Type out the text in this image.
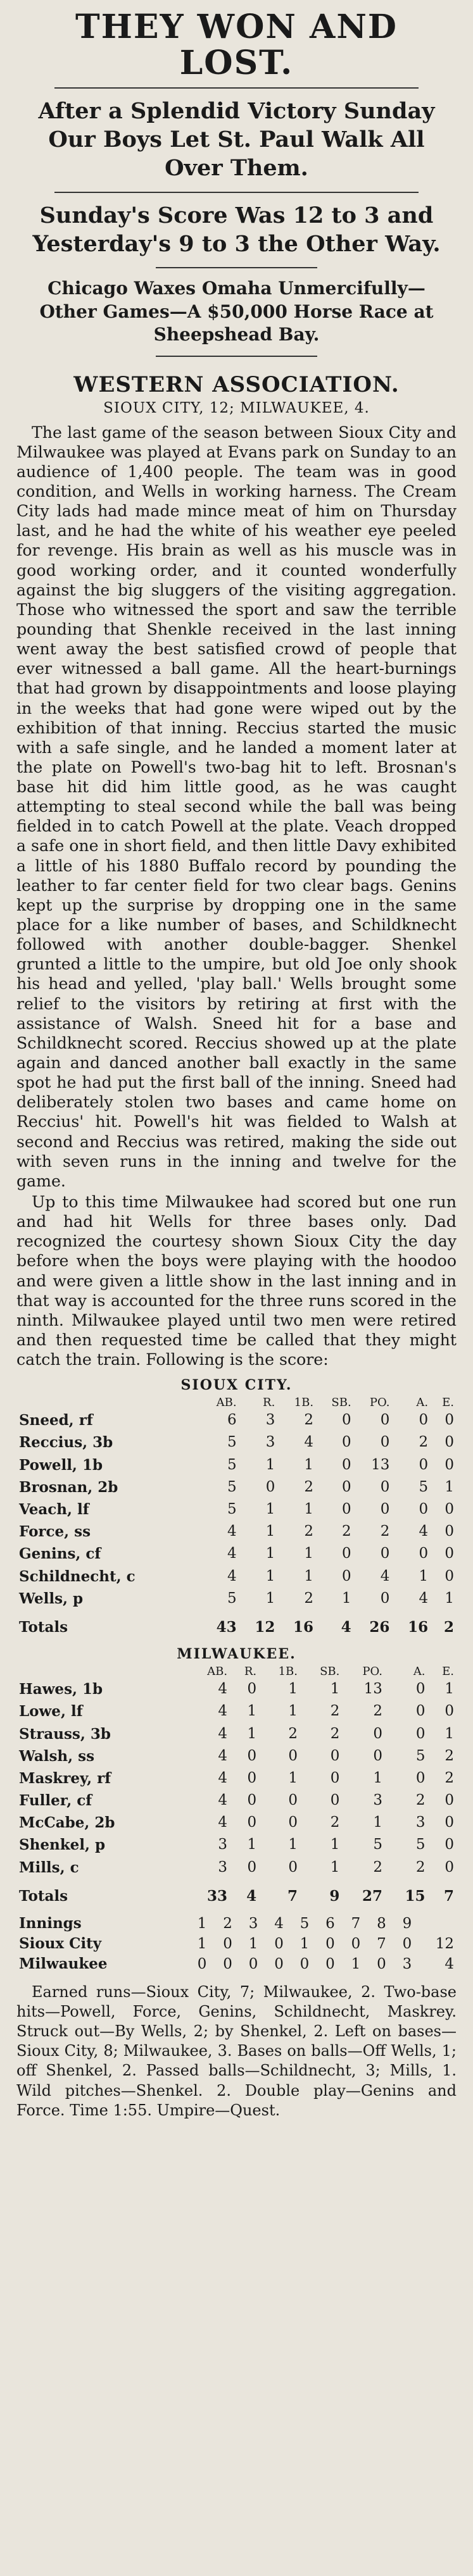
THEY WON AND LOST.
After a Splendid Victory Sunday Our Boys Let St. Paul Walk All Over Them.
Sunday's Score Was 12 to 3 and Yesterday's 9 to 3 the Other Way.
Chicago Waxes Omaha Unmercifully—Other Games—A $50,000 Horse Race at Sheepshead Bay.
WESTERN ASSOCIATION.
SIOUX CITY, 12; MILWAUKEE, 4.

The last game of the season between Sioux City and Milwaukee was played at Evans park on Sunday to an audience of 1,400 people. The team was in good condition, and Wells in working harness. The Cream City lads had made mince meat of him on Thursday last, and he had the white of his weather eye peeled for revenge. His brain as well as his muscle was in good working order, and it counted wonderfully against the big sluggers of the visiting aggregation. Those who witnessed the sport and saw the terrible pounding that Shenkle received in the last inning went away the best satisfied crowd of people that ever witnessed a ball game. All the heart-burnings that had grown by disappointments and loose playing in the weeks that had gone were wiped out by the exhibition of that inning. Reccius started the music with a safe single, and he landed a moment later at the plate on Powell's two-bag hit to left. Brosnan's base hit did him little good, as he was caught attempting to steal second while the ball was being fielded in to catch Powell at the plate. Veach dropped a safe one in short field, and then little Davy exhibited a little of his 1880 Buffalo record by pounding the leather to far center field for two clear bags. Genins kept up the surprise by dropping one in the same place for a like number of bases, and Schildknecht followed with another double-bagger. Shenkel grunted a little to the umpire, but old Joe only shook his head and yelled, 'play ball.' Wells brought some relief to the visitors by retiring at first with the assistance of Walsh. Sneed hit for a base and Schildknecht scored. Reccius showed up at the plate again and danced another ball exactly in the same spot he had put the first ball of the inning. Sneed had deliberately stolen two bases and came home on Reccius' hit. Powell's hit was fielded to Walsh at second and Reccius was retired, making the side out with seven runs in the inning and twelve for the game.

Up to this time Milwaukee had scored but one run and had hit Wells for three bases only. Dad recognized the courtesy shown Sioux City the day before when the boys were playing with the hoodoo and were given a little show in the last inning and in that way is accounted for the three runs scored in the ninth. Milwaukee played until two men were retired and then requested time be called that they might catch the train. Following is the score:

SIOUX CITY.
	AB.	R.	1B.	SB.	PO.	A.	E.
Sneed, rf	6	3	2	0	0	0	0
Reccius, 3b	5	3	4	0	0	2	0
Powell, 1b	5	1	1	0	13	0	0
Brosnan, 2b	5	0	2	0	0	5	1
Veach, lf	5	1	1	0	0	0	0
Force, ss	4	1	2	2	2	4	0
Genins, cf	4	1	1	0	0	0	0
Schildnecht, c	4	1	1	0	4	1	0
Wells, p	5	1	2	1	0	4	1
Totals	43	12	16	4	26	16	2
MILWAUKEE.
	AB.	R.	1B.	SB.	PO.	A.	E.
Hawes, 1b	4	0	1	1	13	0	1
Lowe, lf	4	1	1	2	2	0	0
Strauss, 3b	4	1	2	2	0	0	1
Walsh, ss	4	0	0	0	0	5	2
Maskrey, rf	4	0	1	0	1	0	2
Fuller, cf	4	0	0	0	3	2	0
McCabe, 2b	4	0	0	2	1	3	0
Shenkel, p	3	1	1	1	5	5	0
Mills, c	3	0	0	1	2	2	0
Totals	33	4	7	9	27	15	7
Innings	1	2	3	4	5	6	7	8	9	
Sioux City	1	0	1	0	1	0	0	7	0	12
Milwaukee	0	0	0	0	0	0	1	0	3	4
Earned runs—Sioux City, 7; Milwaukee, 2. Two-base hits—Powell, Force, Genins, Schildnecht, Maskrey. Struck out—By Wells, 2; by Shenkel, 2. Left on bases—Sioux City, 8; Milwaukee, 3. Bases on balls—Off Wells, 1; off Shenkel, 2. Passed balls—Schildnecht, 3; Mills, 1. Wild pitches—Shenkel. 2. Double play—Genins and Force. Time 1:55. Umpire—Quest.
